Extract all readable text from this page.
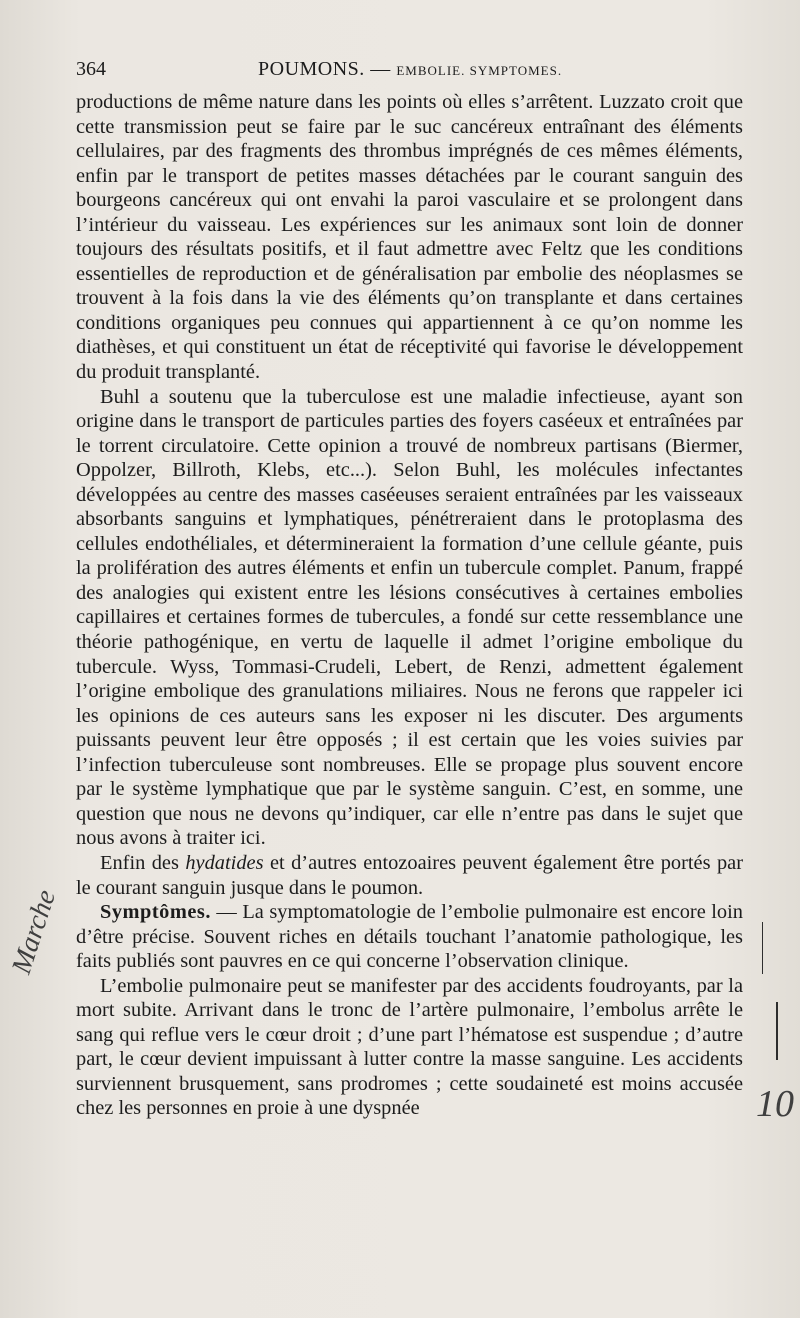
364	POUMONS. — EMBOLIE. SYMPTOMES.

productions de même nature dans les points où elles s’arrêtent. Luzzato croit que cette transmission peut se faire par le suc cancéreux entraînant des éléments cellulaires, par des fragments des thrombus imprégnés de ces mêmes éléments, enfin par le transport de petites masses détachées par le courant sanguin des bourgeons cancéreux qui ont envahi la paroi vasculaire et se prolongent dans l’intérieur du vaisseau. Les expériences sur les animaux sont loin de donner toujours des résultats positifs, et il faut admettre avec Feltz que les conditions essentielles de reproduction et de généralisation par embolie des néoplasmes se trouvent à la fois dans la vie des éléments qu’on transplante et dans certaines conditions organiques peu connues qui appartiennent à ce qu’on nomme les diathèses, et qui constituent un état de réceptivité qui favorise le développement du produit transplanté.

Buhl a soutenu que la tuberculose est une maladie infectieuse, ayant son origine dans le transport de particules parties des foyers caséeux et entraînées par le torrent circulatoire. Cette opinion a trouvé de nombreux partisans (Biermer, Oppolzer, Billroth, Klebs, etc...). Selon Buhl, les molécules infectantes développées au centre des masses caséeuses seraient entraînées par les vaisseaux absorbants sanguins et lymphatiques, pénétreraient dans le protoplasma des cellules endothéliales, et détermineraient la formation d’une cellule géante, puis la prolifération des autres éléments et enfin un tubercule complet. Panum, frappé des analogies qui existent entre les lésions consécutives à certaines embolies capillaires et certaines formes de tubercules, a fondé sur cette ressemblance une théorie pathogénique, en vertu de laquelle il admet l’origine embolique du tubercule. Wyss, Tommasi-Crudeli, Lebert, de Renzi, admettent également l’origine embolique des granulations miliaires. Nous ne ferons que rappeler ici les opinions de ces auteurs sans les exposer ni les discuter. Des arguments puissants peuvent leur être opposés ; il est certain que les voies suivies par l’infection tuberculeuse sont nombreuses. Elle se propage plus souvent encore par le système lymphatique que par le système sanguin. C’est, en somme, une question que nous ne devons qu’indiquer, car elle n’entre pas dans le sujet que nous avons à traiter ici.

Enfin des hydatides et d’autres entozoaires peuvent également être portés par le courant sanguin jusque dans le poumon.

Symptômes. — La symptomatologie de l’embolie pulmonaire est encore loin d’être précise. Souvent riches en détails touchant l’anatomie pathologique, les faits publiés sont pauvres en ce qui concerne l’observation clinique.

L’embolie pulmonaire peut se manifester par des accidents foudroyants, par la mort subite. Arrivant dans le tronc de l’artère pulmonaire, l’embolus arrête le sang qui reflue vers le cœur droit ; d’une part l’hématose est suspendue ; d’autre part, le cœur devient impuissant à lutter contre la masse sanguine. Les accidents surviennent brusquement, sans prodromes ; cette soudaineté est moins accusée chez les personnes en proie à une dyspnée

Marche
10
